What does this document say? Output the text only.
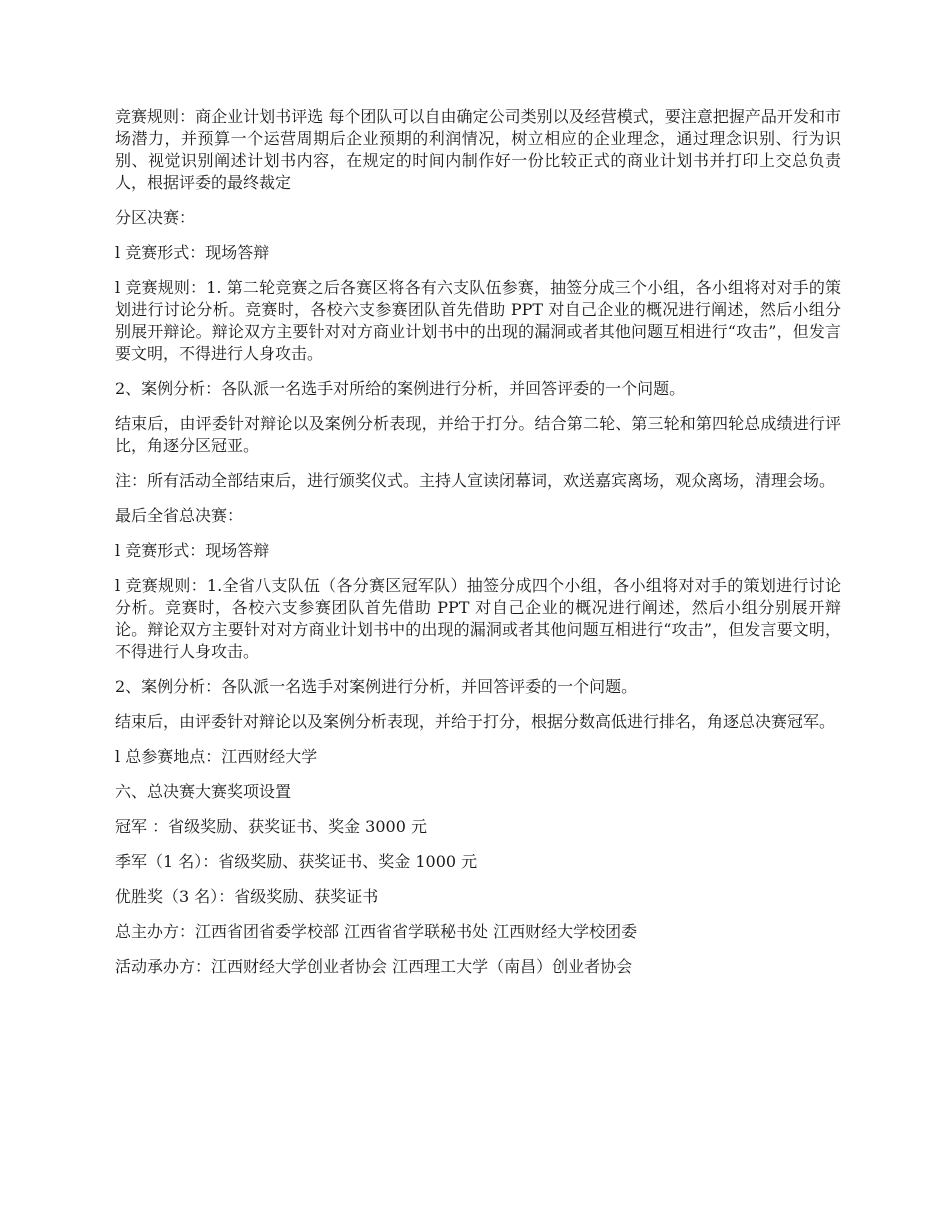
竞赛规则：商企业计划书评选 每个团队可以自由确定公司类别以及经营模式，要注意把握产品开发和市场潜力，并预算一个运营周期后企业预期的利润情况，树立相应的企业理念，通过理念识别、行为识别、视觉识别阐述计划书内容，在规定的时间内制作好一份比较正式的商业计划书并打印上交总负责人，根据评委的最终裁定

分区决赛：

l 竞赛形式：现场答辩

l 竞赛规则：1. 第二轮竞赛之后各赛区将各有六支队伍参赛，抽签分成三个小组，各小组将对对手的策划进行讨论分析。竞赛时，各校六支参赛团队首先借助 PPT 对自己企业的概况进行阐述，然后小组分别展开辩论。辩论双方主要针对对方商业计划书中的出现的漏洞或者其他问题互相进行“攻击”，但发言要文明，不得进行人身攻击。

2、案例分析：各队派一名选手对所给的案例进行分析，并回答评委的一个问题。

结束后，由评委针对辩论以及案例分析表现，并给于打分。结合第二轮、第三轮和第四轮总成绩进行评比，角逐分区冠亚。

注：所有活动全部结束后，进行颁奖仪式。主持人宣读闭幕词，欢送嘉宾离场，观众离场，清理会场。

最后全省总决赛：

l 竞赛形式：现场答辩

l 竞赛规则：1.全省八支队伍（各分赛区冠军队）抽签分成四个小组，各小组将对对手的策划进行讨论分析。竞赛时，各校六支参赛团队首先借助 PPT 对自己企业的概况进行阐述，然后小组分别展开辩论。辩论双方主要针对对方商业计划书中的出现的漏洞或者其他问题互相进行“攻击”，但发言要文明，不得进行人身攻击。

2、案例分析：各队派一名选手对案例进行分析，并回答评委的一个问题。

结束后，由评委针对辩论以及案例分析表现，并给于打分，根据分数高低进行排名，角逐总决赛冠军。

l 总参赛地点：江西财经大学

六、总决赛大赛奖项设置

冠军 ：省级奖励、获奖证书、奖金 3000 元

季军（1 名）：省级奖励、获奖证书、奖金 1000 元

优胜奖（3 名）：省级奖励、获奖证书

总主办方：江西省团省委学校部 江西省省学联秘书处 江西财经大学校团委

活动承办方：江西财经大学创业者协会 江西理工大学（南昌）创业者协会
